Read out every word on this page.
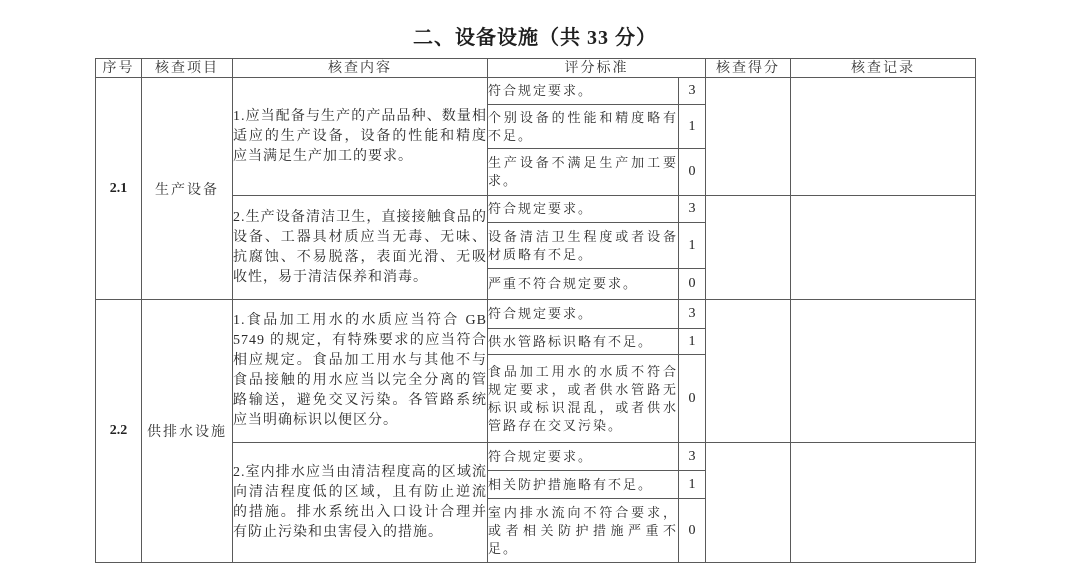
二、设备设施（共 33 分）
序号	核查项目	核查内容	评分标准		核查得分	核查记录
2.1	生产设备	1.应当配备与生产的产品品种、数量相适应的生产设备，设备的性能和精度应当满足生产加工的要求。	符合规定要求。	3		
			个别设备的性能和精度略有不足。	1		
			生产设备不满足生产加工要求。	0		
		2.生产设备清洁卫生，直接接触食品的设备、工器具材质应当无毒、无味、抗腐蚀、不易脱落，表面光滑、无吸收性，易于清洁保养和消毒。	符合规定要求。	3		
			设备清洁卫生程度或者设备材质略有不足。	1		
			严重不符合规定要求。	0		
2.2	供排水设施	1.食品加工用水的水质应当符合 GB 5749 的规定，有特殊要求的应当符合相应规定。食品加工用水与其他不与食品接触的用水应当以完全分离的管路输送，避免交叉污染。各管路系统应当明确标识以便区分。	符合规定要求。	3		
			供水管路标识略有不足。	1		
			食品加工用水的水质不符合规定要求，或者供水管路无标识或标识混乱，或者供水管路存在交叉污染。	0		
		2.室内排水应当由清洁程度高的区域流向清洁程度低的区域，且有防止逆流的措施。排水系统出入口设计合理并有防止污染和虫害侵入的措施。	符合规定要求。	3		
			相关防护措施略有不足。	1		
			室内排水流向不符合要求，或者相关防护措施严重不足。	0		
